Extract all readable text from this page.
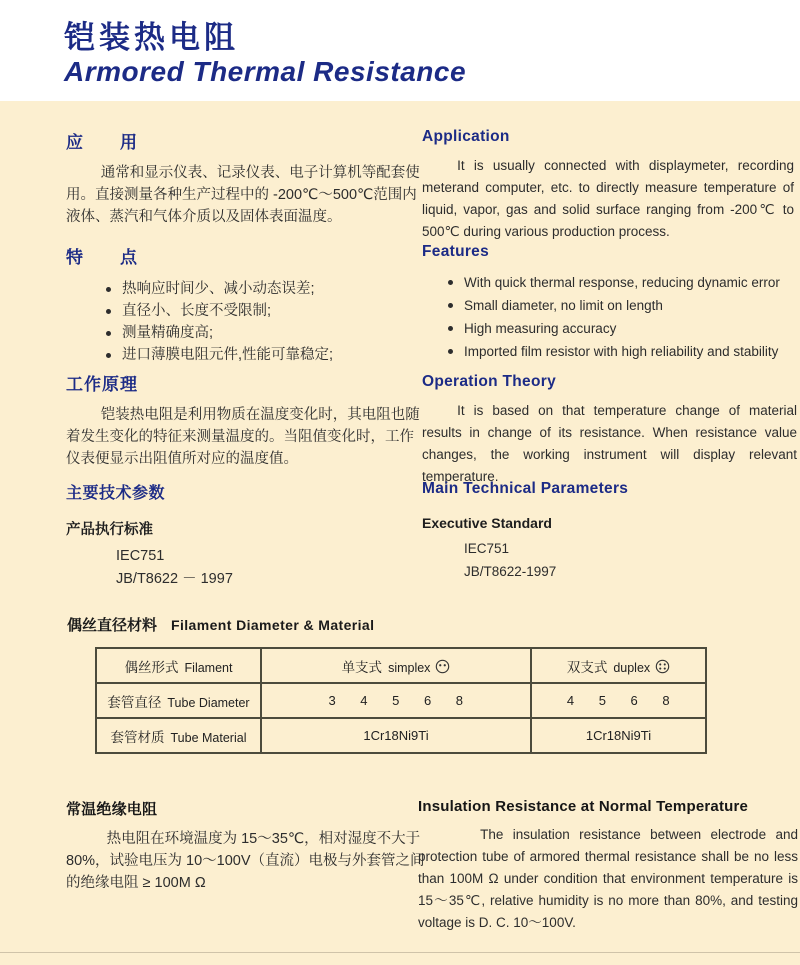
铠装热电阻
Armored Thermal Resistance
应　　用

通常和显示仪表、记录仪表、电子计算机等配套使用。直接测量各种生产过程中的 -200℃～500℃范围内液体、蒸汽和气体介质以及固体表面温度。

Application

It is usually connected with displaymeter, recording meterand computer, etc. to directly measure temperature of liquid, vapor, gas and solid surface ranging from -200℃ to 500℃ during various production process.

特　　点
热响应时间少、减小动态误差;
直径小、长度不受限制;
测量精确度高;
进口薄膜电阻元件,性能可靠稳定;
Features
With quick thermal response, reducing dynamic error
Small diameter, no limit on length
High measuring accuracy
Imported film resistor with high reliability and stability
工作原理

铠装热电阻是利用物质在温度变化时，其电阻也随着发生变化的特征来测量温度的。当阻值变化时，工作仪表便显示出阻值所对应的温度值。

Operation Theory

It is based on that temperature change of material results in change of its resistance. When resistance value changes, the working instrument will display relevant temperature.

主要技术参数
产品执行标准
IEC751
JB/T8622 － 1997
Main Technical Parameters
Executive Standard
IEC751
JB/T8622-1997
偶丝直径材料 Filament Diameter & Material
偶丝形式 Filament	单支式 simplex	双支式 duplex
套管直径 Tube Diameter	3 4 5 6 8	4 5 6 8
套管材质 Tube Material	1Cr18Ni9Ti	1Cr18Ni9Ti
常温绝缘电阻

热电阻在环境温度为 15～35℃，相对湿度不大于80%，试验电压为 10～100V（直流）电极与外套管之间的绝缘电阻 ≥ 100M Ω

Insulation Resistance at Normal Temperature

The insulation resistance between electrode and protection tube of armored thermal resistance shall be no less than 100M Ω under condition that environment temperature is 15～35℃, relative humidity is no more than 80%, and testing voltage is D. C. 10～100V.
